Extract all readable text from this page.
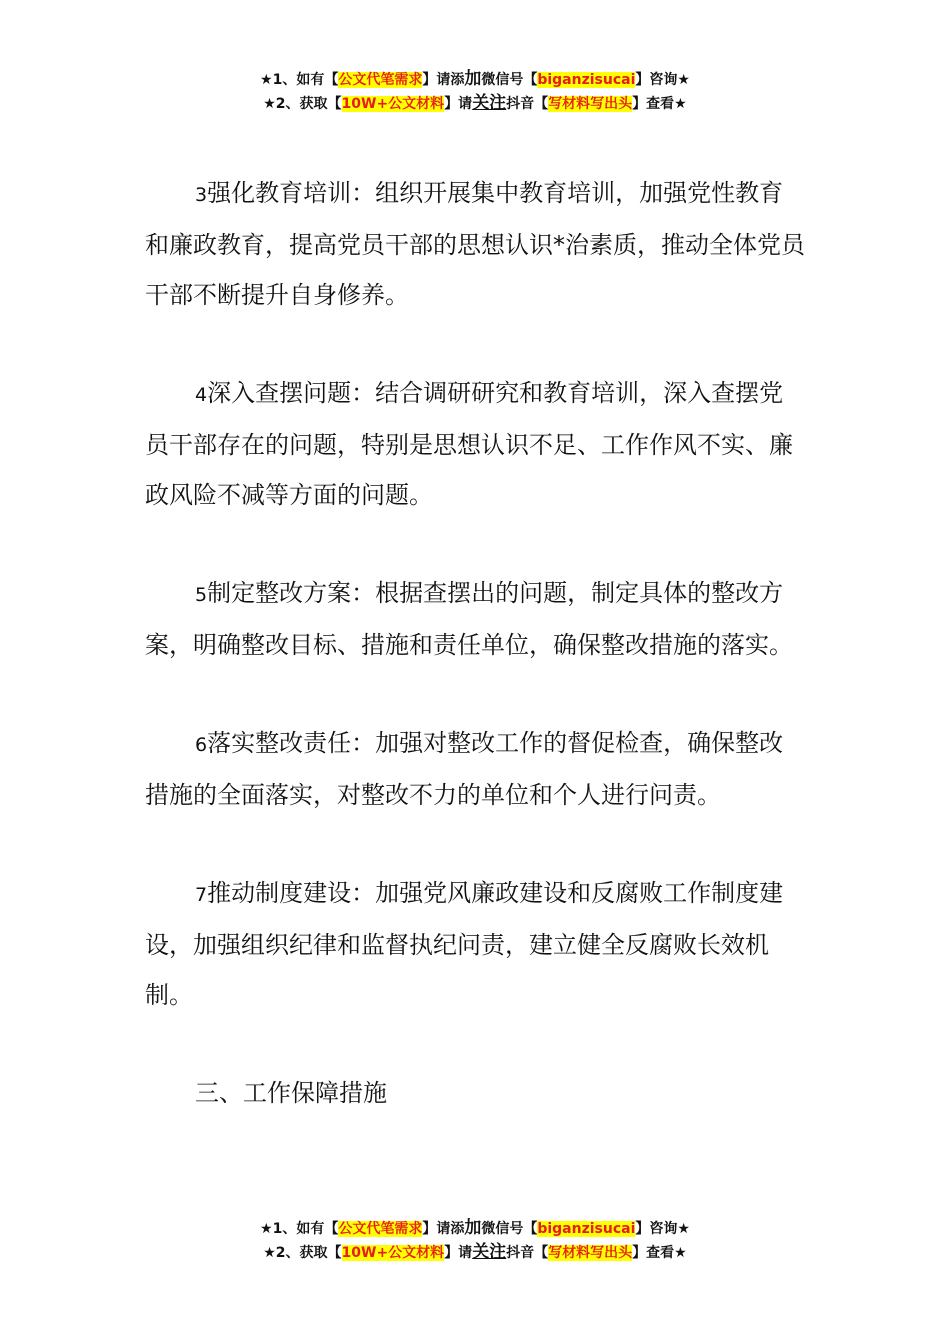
★1、如有【公文代笔需求】请添加微信号【biganzisucai】咨询★
★2、获取【10W+公文材料】请关注抖音【写材料写出头】查看★

3强化教育培训：组织开展集中教育培训，加强党性教育和廉政教育，提高党员干部的思想认识*治素质，推动全体党员干部不断提升自身修养。

4深入查摆问题：结合调研研究和教育培训，深入查摆党员干部存在的问题，特别是思想认识不足、工作作风不实、廉政风险不减等方面的问题。

5制定整改方案：根据查摆出的问题，制定具体的整改方案，明确整改目标、措施和责任单位，确保整改措施的落实。

6落实整改责任：加强对整改工作的督促检查，确保整改措施的全面落实，对整改不力的单位和个人进行问责。

7推动制度建设：加强党风廉政建设和反腐败工作制度建设，加强组织纪律和监督执纪问责，建立健全反腐败长效机制。

三、工作保障措施

★1、如有【公文代笔需求】请添加微信号【biganzisucai】咨询★
★2、获取【10W+公文材料】请关注抖音【写材料写出头】查看★
